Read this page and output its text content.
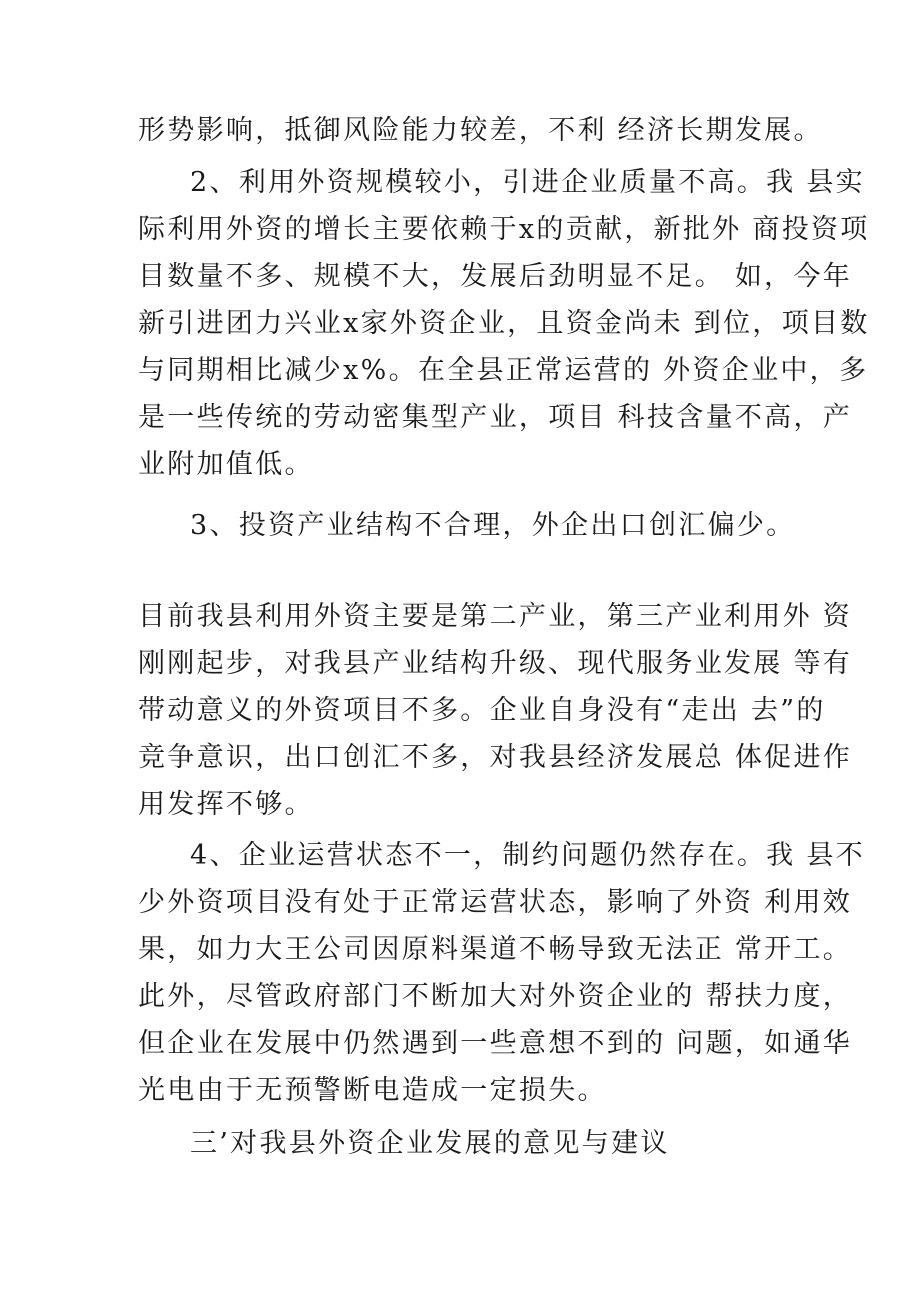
形势影响，抵御风险能力较差，不利 经济长期发展。
2、利用外资规模较小，引进企业质量不高。我 县实
际利用外资的增长主要依赖于x的贡献，新批外 商投资项
目数量不多、规模不大，发展后劲明显不足。 如，今年
新引进团力兴业x家外资企业，且资金尚未 到位，项目数
与同期相比减少x%。在全县正常运营的 外资企业中，多
是一些传统的劳动密集型产业，项目 科技含量不高，产
业附加值低。
3、投资产业结构不合理，外企出口创汇偏少。
目前我县利用外资主要是第二产业，第三产业利用外 资
刚刚起步，对我县产业结构升级、现代服务业发展 等有
带动意义的外资项目不多。企业自身没有“走出 去”的
竞争意识，出口创汇不多，对我县经济发展总 体促进作
用发挥不够。
4、企业运营状态不一，制约问题仍然存在。我 县不
少外资项目没有处于正常运营状态，影响了外资 利用效
果，如力大王公司因原料渠道不畅导致无法正 常开工。
此外，尽管政府部门不断加大对外资企业的 帮扶力度，
但企业在发展中仍然遇到一些意想不到的 问题，如通华
光电由于无预警断电造成一定损失。
三’对我县外资企业发展的意见与建议
